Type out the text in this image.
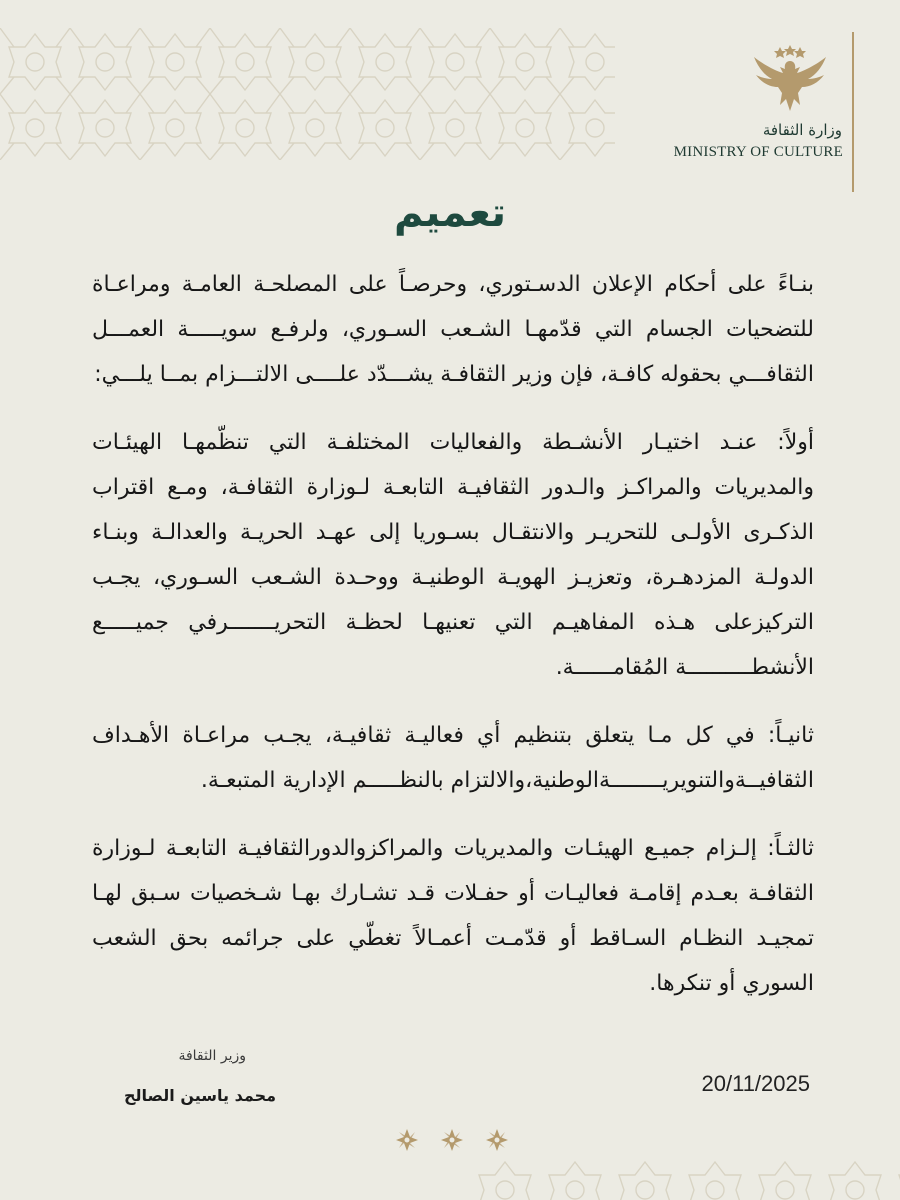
وزارة الثقافة
MINISTRY OF CULTURE
تعميم

بنـاءً على أحكام الإعلان الدسـتوري، وحرصـاً على المصلحـة العامـة ومراعـاة للتضحيات الجسام التي قدّمهـا الشـعب السـوري، ولرفـع سويـــــة العمـــل الثقافـــي بحقوله كافـة، فإن وزير الثقافـة يشـــدّد علــــى الالتـــزام بمــا يلـــي:

أولاً: عنـد اختيـار الأنشـطة والفعاليات المختلفـة التي تنظّمهـا الهيئـات والمديريات والمراكـز والـدور الثقافيـة التابعـة لـوزارة الثقافـة، ومـع اقتراب الذكـرى الأولـى للتحريـر والانتقـال بسـوريا إلى عهـد الحريـة والعدالـة وبنـاء الدولـة المزدهـرة، وتعزيـز الهويـة الوطنيـة ووحـدة الشـعب السـوري، يجـب التركيزعلى هـذه المفاهيـم التي تعنيهـا لحظـة التحريـــــــرفي جميـــــع الأنشطــــــــــة المُقامــــــة.

ثانيـاً: في كل مـا يتعلق بتنظيم أي فعاليـة ثقافيـة، يجـب مراعـاة الأهـداف الثقافيــةوالتنويريــــــــةالوطنية،والالتزام بالنظـــــم الإدارية المتبعـة.

ثالثـاً: إلـزام جميـع الهيئـات والمديريات والمراكزوالدورالثقافيـة التابعـة لـوزارة الثقافـة بعـدم إقامـة فعاليـات أو حفـلات قـد تشـارك بهـا شـخصيات سـبق لهـا تمجيـد النظـام السـاقط أو قدّمـت أعمـالاً تغطّي على جرائمه بحق الشعب السوري أو تنكرها.

وزير الثقافة
محمد ياسين الصالح	20/11/2025
